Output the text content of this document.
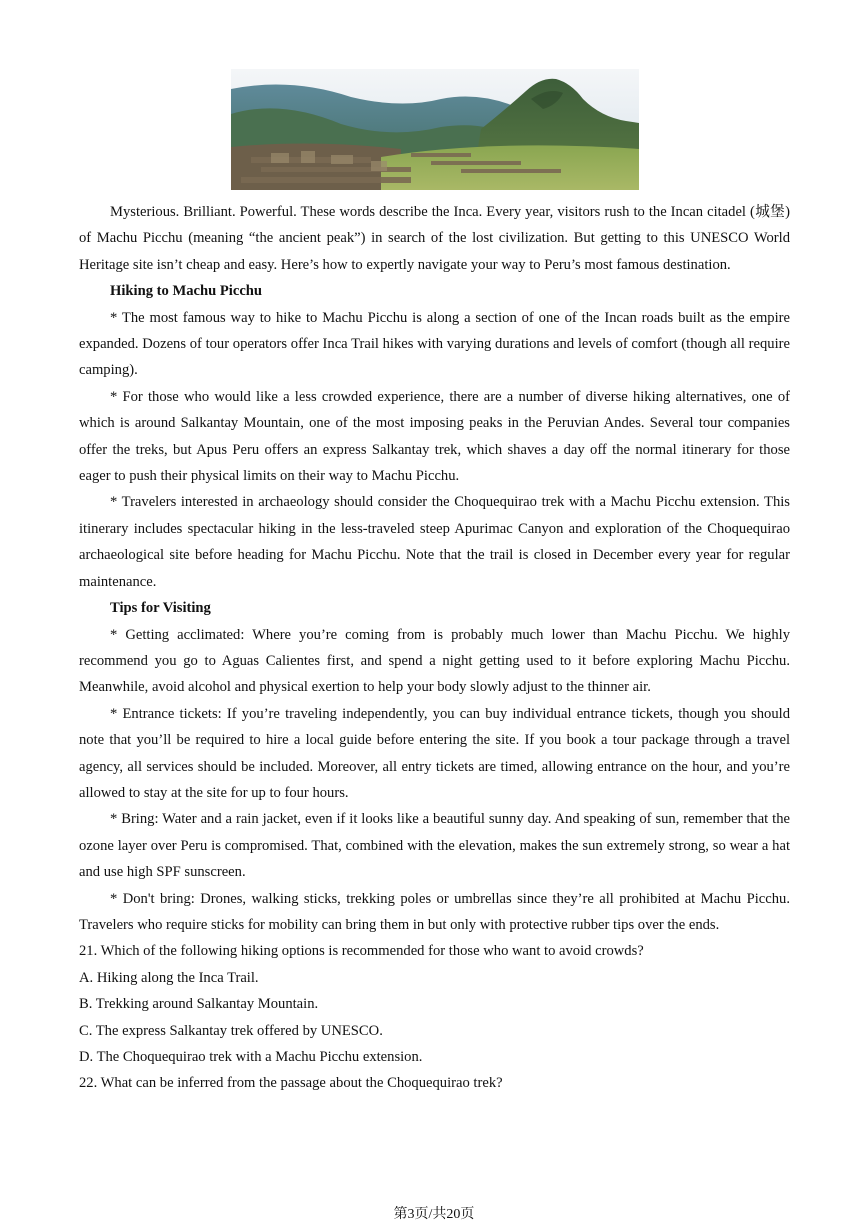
Mysterious. Brilliant. Powerful. These words describe the Inca. Every year, visitors rush to the Incan citadel (城堡) of Machu Picchu (meaning “the ancient peak”) in search of the lost civilization. But getting to this UNESCO World Heritage site isn’t cheap and easy. Here’s how to expertly navigate your way to Peru’s most famous destination.

Hiking to Machu Picchu

* The most famous way to hike to Machu Picchu is along a section of one of the Incan roads built as the empire expanded. Dozens of tour operators offer Inca Trail hikes with varying durations and levels of comfort (though all require camping).

* For those who would like a less crowded experience, there are a number of diverse hiking alternatives, one of which is around Salkantay Mountain, one of the most imposing peaks in the Peruvian Andes. Several tour companies offer the treks, but Apus Peru offers an express Salkantay trek, which shaves a day off the normal itinerary for those eager to push their physical limits on their way to Machu Picchu.

* Travelers interested in archaeology should consider the Choquequirao trek with a Machu Picchu extension. This itinerary includes spectacular hiking in the less-traveled steep Apurimac Canyon and exploration of the Choquequirao archaeological site before heading for Machu Picchu. Note that the trail is closed in December every year for regular maintenance.

Tips for Visiting

* Getting acclimated: Where you’re coming from is probably much lower than Machu Picchu. We highly recommend you go to Aguas Calientes first, and spend a night getting used to it before exploring Machu Picchu. Meanwhile, avoid alcohol and physical exertion to help your body slowly adjust to the thinner air.

* Entrance tickets: If you’re traveling independently, you can buy individual entrance tickets, though you should note that you’ll be required to hire a local guide before entering the site. If you book a tour package through a travel agency, all services should be included. Moreover, all entry tickets are timed, allowing entrance on the hour, and you’re allowed to stay at the site for up to four hours.

* Bring: Water and a rain jacket, even if it looks like a beautiful sunny day. And speaking of sun, remember that the ozone layer over Peru is compromised. That, combined with the elevation, makes the sun extremely strong, so wear a hat and use high SPF sunscreen.

* Don't bring: Drones, walking sticks, trekking poles or umbrellas since they’re all prohibited at Machu Picchu. Travelers who require sticks for mobility can bring them in but only with protective rubber tips over the ends.

21. Which of the following hiking options is recommended for those who want to avoid crowds?

A. Hiking along the Inca Trail.

B. Trekking around Salkantay Mountain.

C. The express Salkantay trek offered by UNESCO.

D. The Choquequirao trek with a Machu Picchu extension.

22. What can be inferred from the passage about the Choquequirao trek?

第3页/共20页
